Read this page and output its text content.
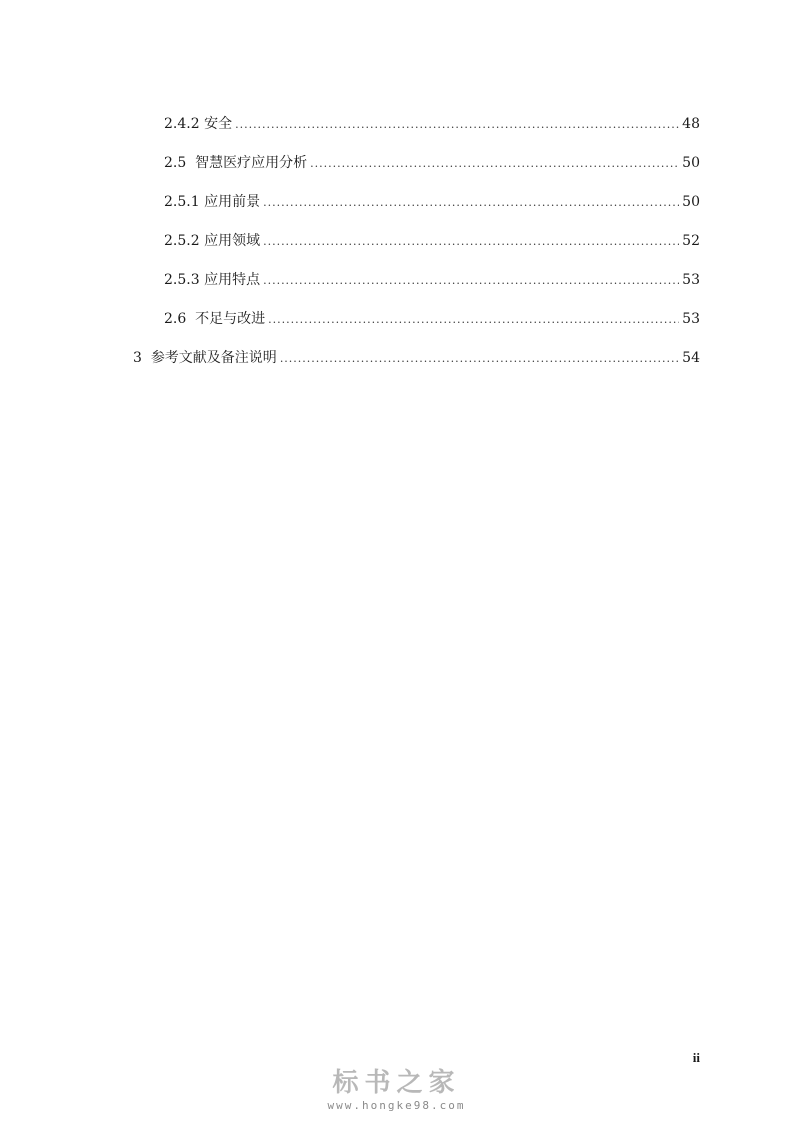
2.4.2 安全 .....	48
2.5 智慧医疗应用分析 .....	50
2.5.1 应用前景 .....	50
2.5.2 应用领域 .....	52
2.5.3 应用特点 .....	53
2.6 不足与改进 .....	53
3 参考文献及备注说明 .....	54
ii
标书之家
www.hongke98.com
